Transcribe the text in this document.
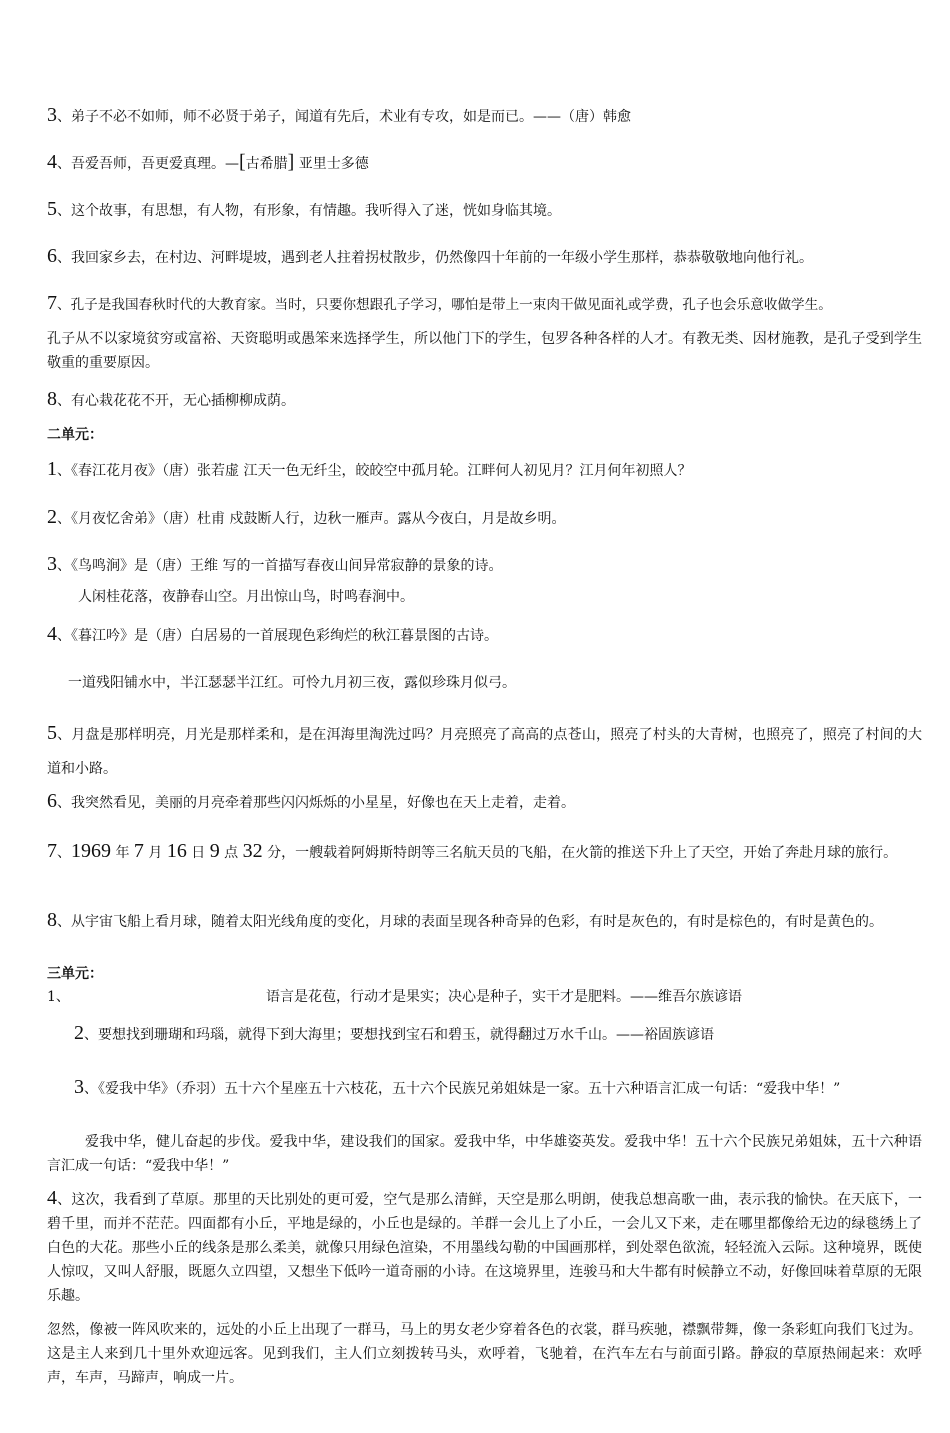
3、弟子不必不如师，师不必贤于弟子，闻道有先后，术业有专攻，如是而已。——（唐）韩愈
4、吾爱吾师，吾更爱真理。—[古希腊] 亚里士多德
5、这个故事，有思想，有人物，有形象，有情趣。我听得入了迷，恍如身临其境。
6、我回家乡去，在村边、河畔堤坡，遇到老人拄着拐杖散步，仍然像四十年前的一年级小学生那样，恭恭敬敬地向他行礼。
7、孔子是我国春秋时代的大教育家。当时，只要你想跟孔子学习，哪怕是带上一束肉干做见面礼或学费，孔子也会乐意收做学生。
孔子从不以家境贫穷或富裕、天资聪明或愚笨来选择学生，所以他门下的学生，包罗各种各样的人才。有教无类、因材施教，是孔子受到学生敬重的重要原因。
8、有心栽花花不开，无心插柳柳成荫。
二单元：
1、《春江花月夜》（唐）张若虚 江天一色无纤尘，皎皎空中孤月轮。江畔何人初见月？江月何年初照人？
2、《月夜忆舍弟》（唐）杜甫 戍鼓断人行，边秋一雁声。露从今夜白，月是故乡明。
3、《鸟鸣涧》是（唐）王维 写的一首描写春夜山间异常寂静的景象的诗。
人闲桂花落，夜静春山空。月出惊山鸟，时鸣春涧中。
4、《暮江吟》是（唐）白居易的一首展现色彩绚烂的秋江暮景图的古诗。
一道残阳铺水中，半江瑟瑟半江红。可怜九月初三夜，露似珍珠月似弓。
5、月盘是那样明亮，月光是那样柔和，是在洱海里淘洗过吗？月亮照亮了高高的点苍山，照亮了村头的大青树，也照亮了，照亮了村间的大道和小路。
6、我突然看见，美丽的月亮牵着那些闪闪烁烁的小星星，好像也在天上走着，走着。
7、1969 年 7 月 16 日 9 点 32 分，一艘载着阿姆斯特朗等三名航天员的飞船，在火箭的推送下升上了天空，开始了奔赴月球的旅行。
8、从宇宙飞船上看月球，随着太阳光线角度的变化，月球的表面呈现各种奇异的色彩，有时是灰色的，有时是棕色的，有时是黄色的。
三单元：
1、	语言是花苞，行动才是果实；决心是种子，实干才是肥料。——维吾尔族谚语
2、要想找到珊瑚和玛瑙，就得下到大海里；要想找到宝石和碧玉，就得翻过万水千山。——裕固族谚语
3、《爱我中华》（乔羽）五十六个星座五十六枝花，五十六个民族兄弟姐妹是一家。五十六种语言汇成一句话：“爱我中华！”
爱我中华，健儿奋起的步伐。爱我中华，建设我们的国家。爱我中华，中华雄姿英发。爱我中华！五十六个民族兄弟姐妹，五十六种语言汇成一句话：“爱我中华！”
4、这次，我看到了草原。那里的天比别处的更可爱，空气是那么清鲜，天空是那么明朗，使我总想高歌一曲，表示我的愉快。在天底下，一碧千里，而并不茫茫。四面都有小丘，平地是绿的，小丘也是绿的。羊群一会儿上了小丘，一会儿又下来，走在哪里都像给无边的绿毯绣上了白色的大花。那些小丘的线条是那么柔美，就像只用绿色渲染，不用墨线勾勒的中国画那样，到处翠色欲流，轻轻流入云际。这种境界，既使人惊叹，又叫人舒服，既愿久立四望，又想坐下低吟一道奇丽的小诗。在这境界里，连骏马和大牛都有时候静立不动，好像回味着草原的无限乐趣。
忽然，像被一阵风吹来的，远处的小丘上出现了一群马，马上的男女老少穿着各色的衣裳，群马疾驰，襟飘带舞，像一条彩虹向我们飞过为。这是主人来到几十里外欢迎远客。见到我们，主人们立刻拨转马头，欢呼着，飞驰着，在汽车左右与前面引路。静寂的草原热闹起来：欢呼声，车声，马蹄声，响成一片。
